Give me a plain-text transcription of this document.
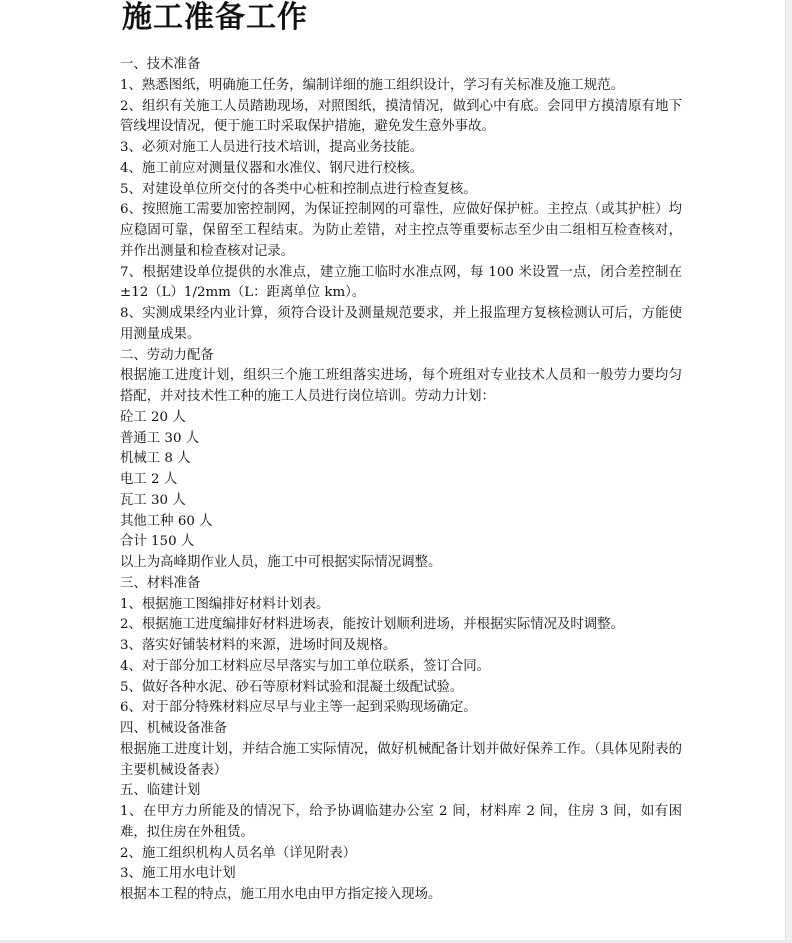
施工准备工作

一、技术准备

1、熟悉图纸，明确施工任务，编制详细的施工组织设计，学习有关标准及施工规范。

2、组织有关施工人员踏勘现场，对照图纸，摸清情况，做到心中有底。会同甲方摸清原有地下管线埋设情况，便于施工时采取保护措施，避免发生意外事故。

3、必须对施工人员进行技术培训，提高业务技能。

4、施工前应对测量仪器和水准仪、钢尺进行校核。

5、对建设单位所交付的各类中心桩和控制点进行检查复核。

6、按照施工需要加密控制网，为保证控制网的可靠性，应做好保护桩。主控点（或其护桩）均应稳固可靠，保留至工程结束。为防止差错，对主控点等重要标志至少由二组相互检查核对，并作出测量和检查核对记录。

7、根据建设单位提供的水准点，建立施工临时水准点网，每 100 米设置一点，闭合差控制在±12（L）1/2mm（L：距离单位 km）。

8、实测成果经内业计算，须符合设计及测量规范要求，并上报监理方复核检测认可后，方能使用测量成果。

二、劳动力配备

根据施工进度计划，组织三个施工班组落实进场，每个班组对专业技术人员和一般劳力要均匀搭配，并对技术性工种的施工人员进行岗位培训。劳动力计划：

砼工 20 人

普通工 30 人

机械工 8 人

电工 2 人

瓦工 30 人

其他工种 60 人

合计 150 人

以上为高峰期作业人员，施工中可根据实际情况调整。

三、材料准备

1、根据施工图编排好材料计划表。

2、根据施工进度编排好材料进场表，能按计划顺利进场，并根据实际情况及时调整。

3、落实好铺装材料的来源，进场时间及规格。

4、对于部分加工材料应尽早落实与加工单位联系，签订合同。

5、做好各种水泥、砂石等原材料试验和混凝土级配试验。

6、对于部分特殊材料应尽早与业主等一起到采购现场确定。

四、机械设备准备

根据施工进度计划，并结合施工实际情况，做好机械配备计划并做好保养工作。（具体见附表的主要机械设备表）

五、临建计划

1、在甲方力所能及的情况下，给予协调临建办公室 2 间，材料库 2 间，住房 3 间，如有困难，拟住房在外租赁。

2、施工组织机构人员名单（详见附表）

3、施工用水电计划

根据本工程的特点，施工用水电由甲方指定接入现场。
